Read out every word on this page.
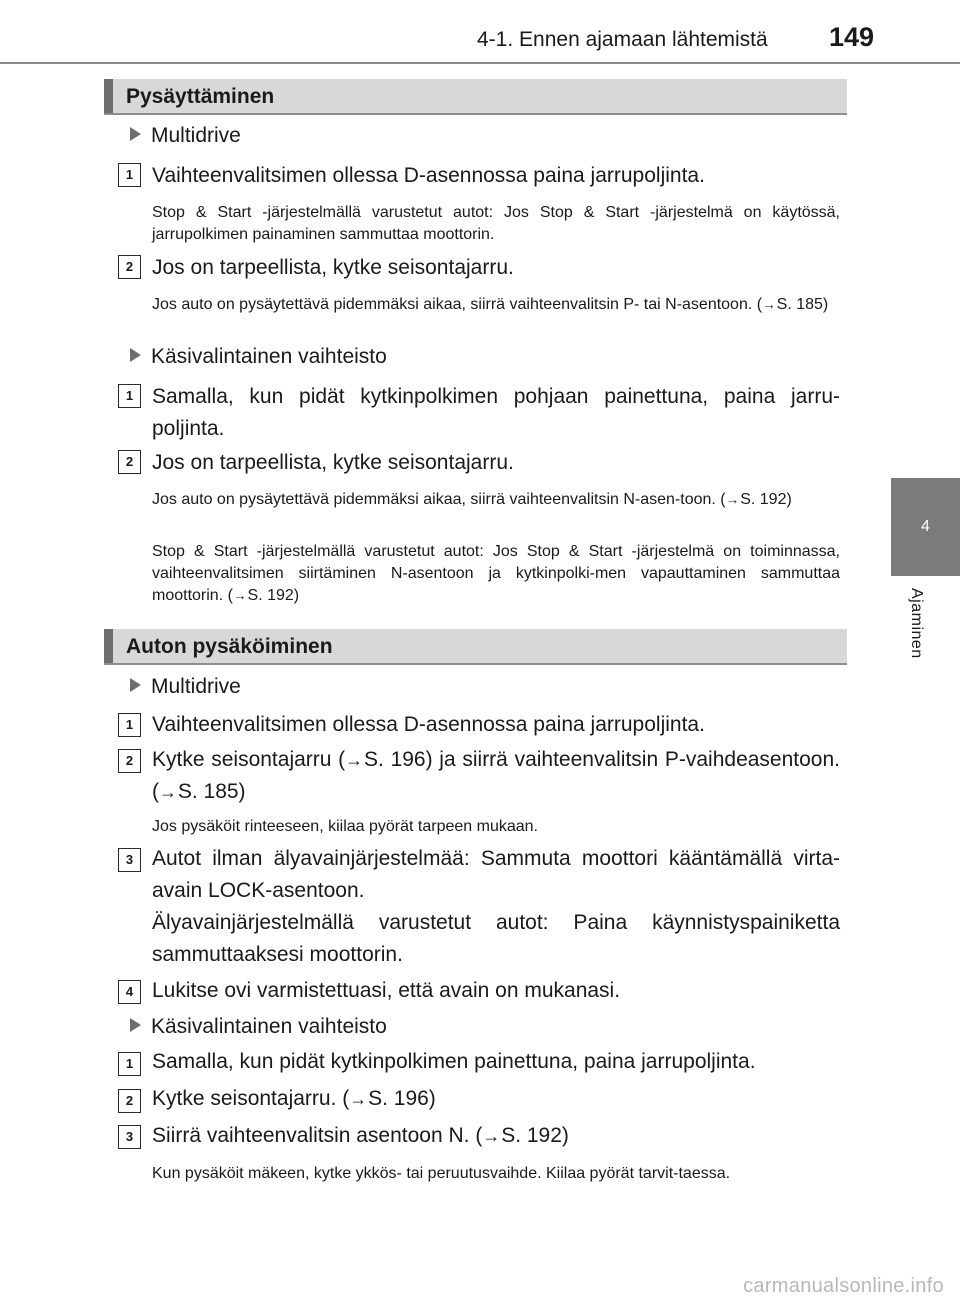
4-1. Ennen ajamaan lähtemistä 149
4
Ajaminen
Pysäyttäminen
Multidrive
1 Vaihteenvalitsimen ollessa D-asennossa paina jarrupoljinta.
Stop & Start -järjestelmällä varustetut autot: Jos Stop & Start -järjestelmä on käytössä, jarrupolkimen painaminen sammuttaa moottorin.
2 Jos on tarpeellista, kytke seisontajarru.
Jos auto on pysäytettävä pidemmäksi aikaa, siirrä vaihteenvalitsin P- tai N-asentoon. (→S. 185)
Käsivalintainen vaihteisto
1 Samalla, kun pidät kytkinpolkimen pohjaan painettuna, paina jarru-poljinta.
2 Jos on tarpeellista, kytke seisontajarru.
Jos auto on pysäytettävä pidemmäksi aikaa, siirrä vaihteenvalitsin N-asen-toon. (→S. 192)
Stop & Start -järjestelmällä varustetut autot: Jos Stop & Start -järjestelmä on toiminnassa, vaihteenvalitsimen siirtäminen N-asentoon ja kytkinpolki-men vapauttaminen sammuttaa moottorin. (→S. 192)
Auton pysäköiminen
Multidrive
1 Vaihteenvalitsimen ollessa D-asennossa paina jarrupoljinta.
2 Kytke seisontajarru (→S. 196) ja siirrä vaihteenvalitsin P-vaihdeasentoon. (→S. 185)
Jos pysäköit rinteeseen, kiilaa pyörät tarpeen mukaan.
3 Autot ilman älyavainjärjestelmää: Sammuta moottori kääntämällä virta-avain LOCK-asentoon.
Älyavainjärjestelmällä varustetut autot: Paina käynnistyspainiketta sammuttaaksesi moottorin.
4 Lukitse ovi varmistettuasi, että avain on mukanasi.
Käsivalintainen vaihteisto
1 Samalla, kun pidät kytkinpolkimen painettuna, paina jarrupoljinta.
2 Kytke seisontajarru. (→S. 196)
3 Siirrä vaihteenvalitsin asentoon N. (→S. 192)
Kun pysäköit mäkeen, kytke ykkös- tai peruutusvaihde. Kiilaa pyörät tarvit-taessa.
carmanualsonline.info
